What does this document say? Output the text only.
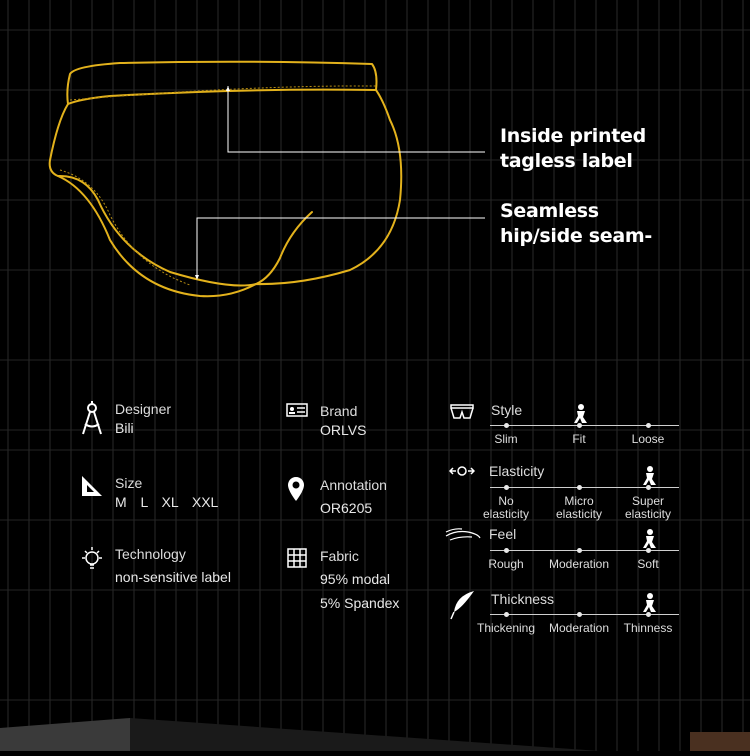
Inside printed
tagless label
Seamless
hip/side seam-
Designer
Bili
Brand
ORLVS
Size
M  L  XL  XXL
Annotation
OR6205
Technology
non-sensitive label
Fabric
95% modal
5% Spandex
Style
Slim	Fit	Loose
Elasticity
No
elasticity
Micro
elasticity
Super
elasticity
Feel
Rough	Moderation	Soft
Thickness
Thickening	Moderation	Thinness
